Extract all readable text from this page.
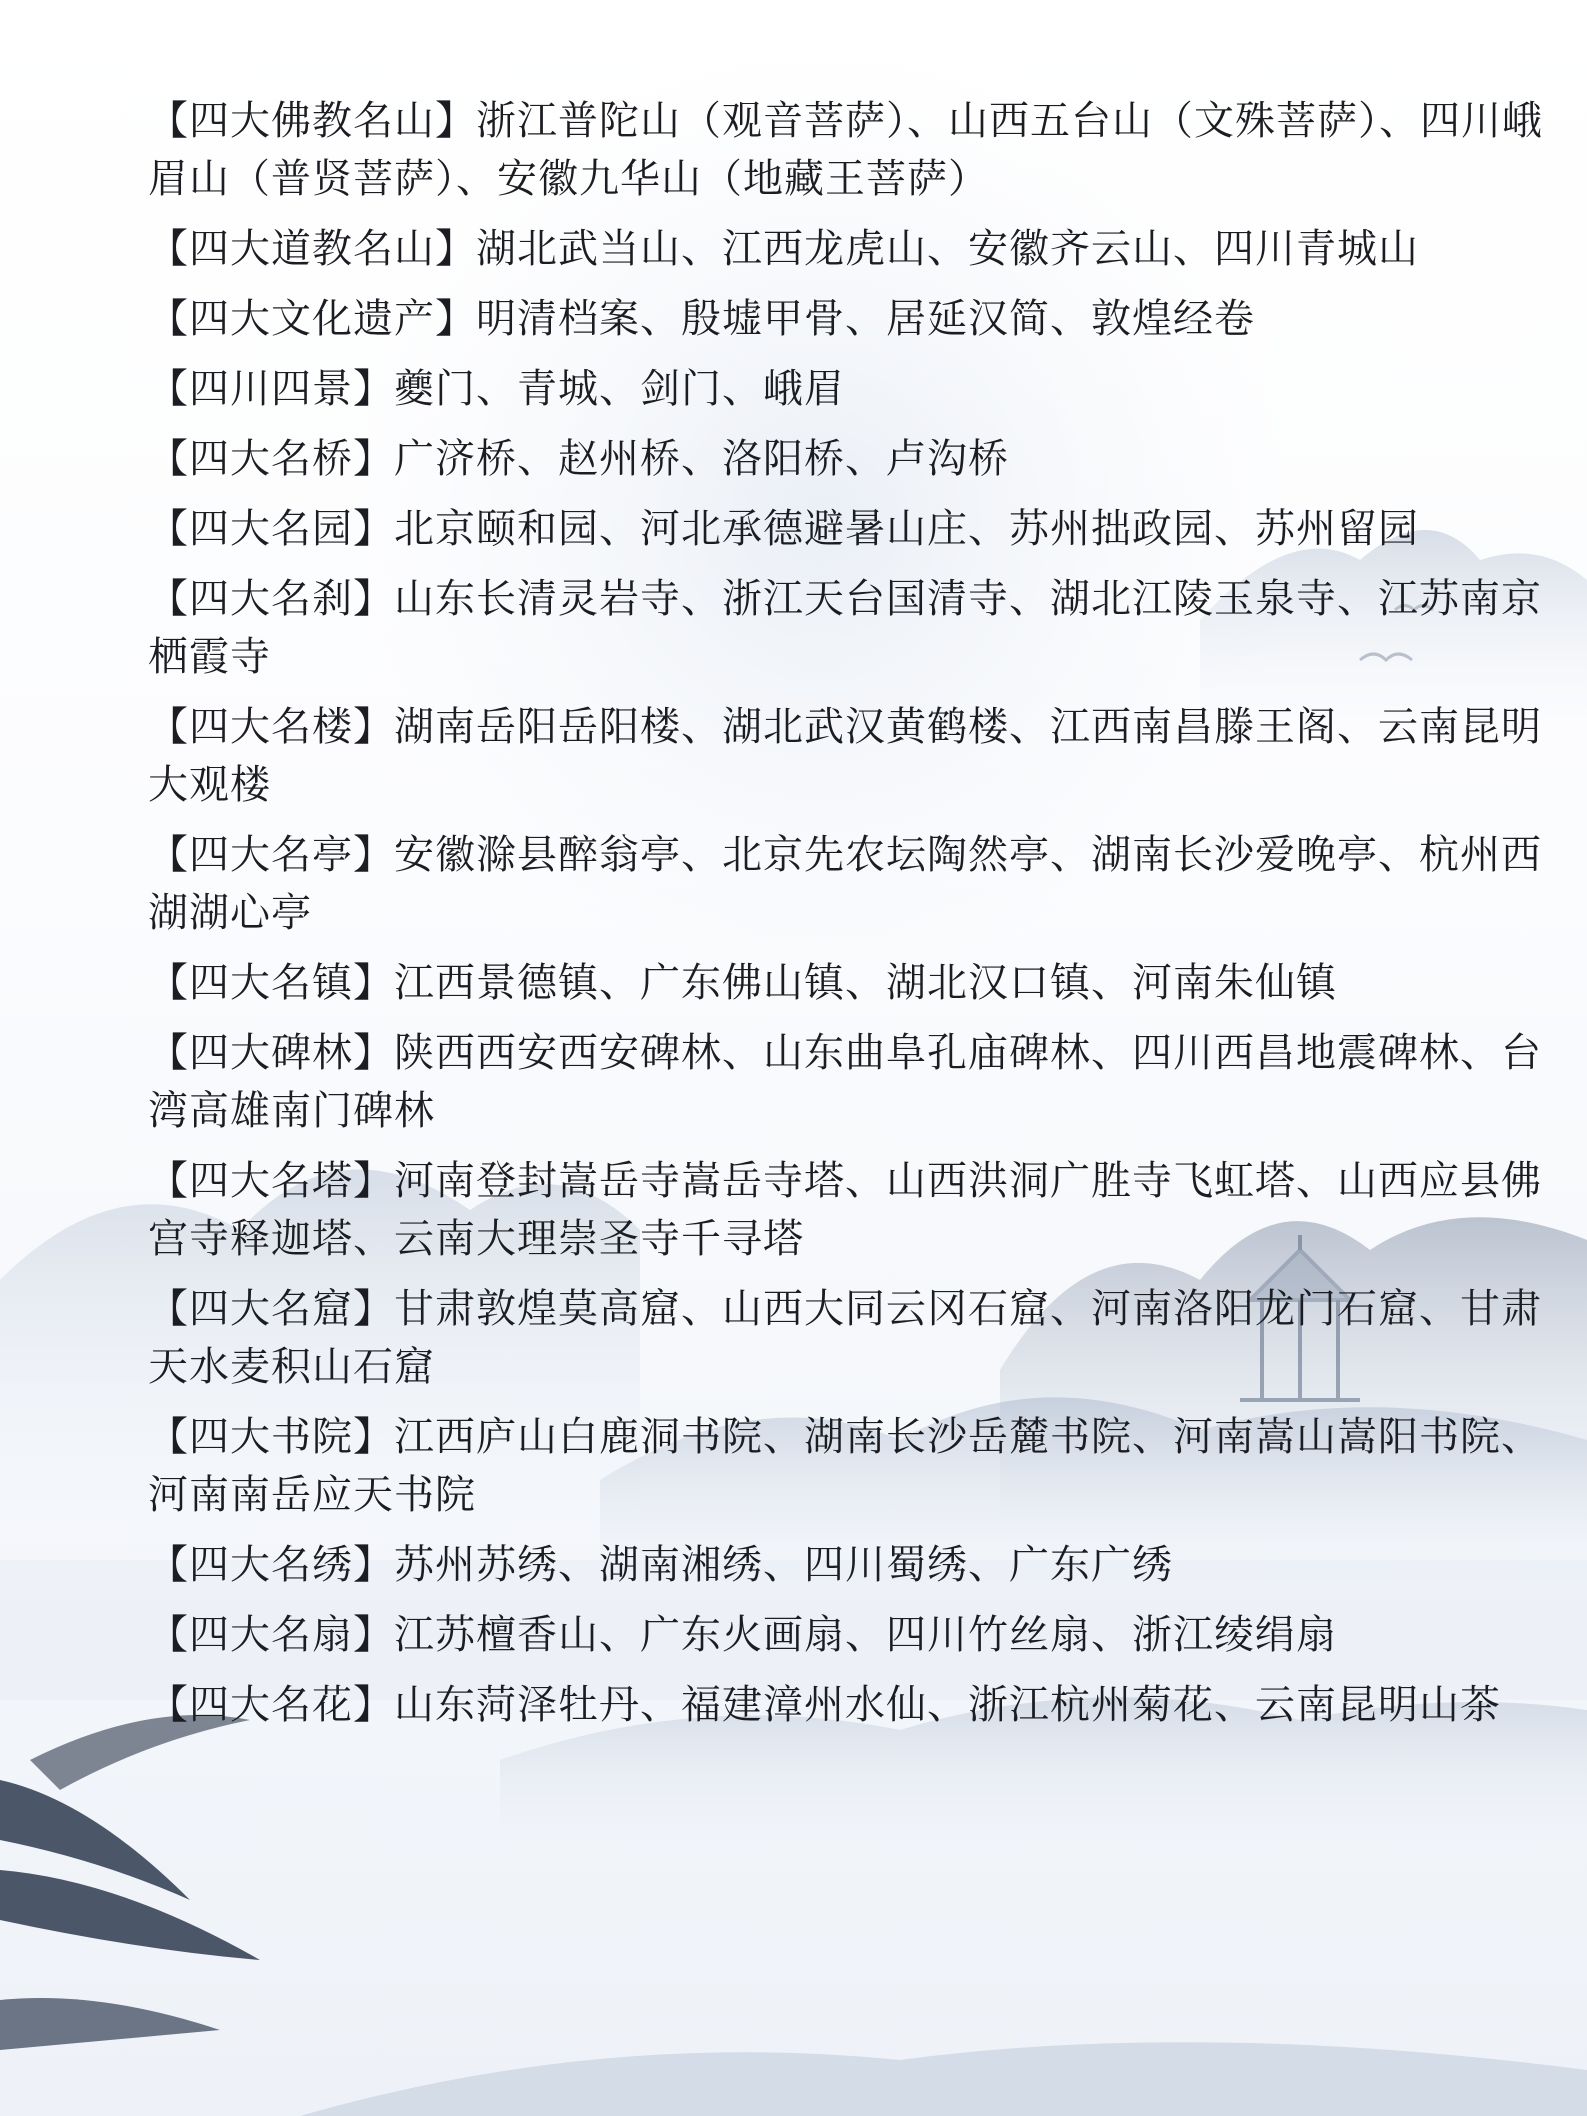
【四大佛教名山】浙江普陀山（观音菩萨）、山西五台山（文殊菩萨）、四川峨眉山（普贤菩萨）、安徽九华山（地藏王菩萨）
【四大道教名山】湖北武当山、江西龙虎山、安徽齐云山、四川青城山
【四大文化遗产】明清档案、殷墟甲骨、居延汉简、敦煌经卷
【四川四景】夔门、青城、剑门、峨眉
【四大名桥】广济桥、赵州桥、洛阳桥、卢沟桥
【四大名园】北京颐和园、河北承德避暑山庄、苏州拙政园、苏州留园
【四大名刹】山东长清灵岩寺、浙江天台国清寺、湖北江陵玉泉寺、江苏南京栖霞寺
【四大名楼】湖南岳阳岳阳楼、湖北武汉黄鹤楼、江西南昌滕王阁、云南昆明大观楼
【四大名亭】安徽滁县醉翁亭、北京先农坛陶然亭、湖南长沙爱晚亭、杭州西湖湖心亭
【四大名镇】江西景德镇、广东佛山镇、湖北汉口镇、河南朱仙镇
【四大碑林】陕西西安西安碑林、山东曲阜孔庙碑林、四川西昌地震碑林、台湾高雄南门碑林
【四大名塔】河南登封嵩岳寺嵩岳寺塔、山西洪洞广胜寺飞虹塔、山西应县佛宫寺释迦塔、云南大理崇圣寺千寻塔
【四大名窟】甘肃敦煌莫高窟、山西大同云冈石窟、河南洛阳龙门石窟、甘肃天水麦积山石窟
【四大书院】江西庐山白鹿洞书院、湖南长沙岳麓书院、河南嵩山嵩阳书院、河南南岳应天书院
【四大名绣】苏州苏绣、湖南湘绣、四川蜀绣、广东广绣
【四大名扇】江苏檀香山、广东火画扇、四川竹丝扇、浙江绫绢扇
【四大名花】山东菏泽牡丹、福建漳州水仙、浙江杭州菊花、云南昆明山茶
